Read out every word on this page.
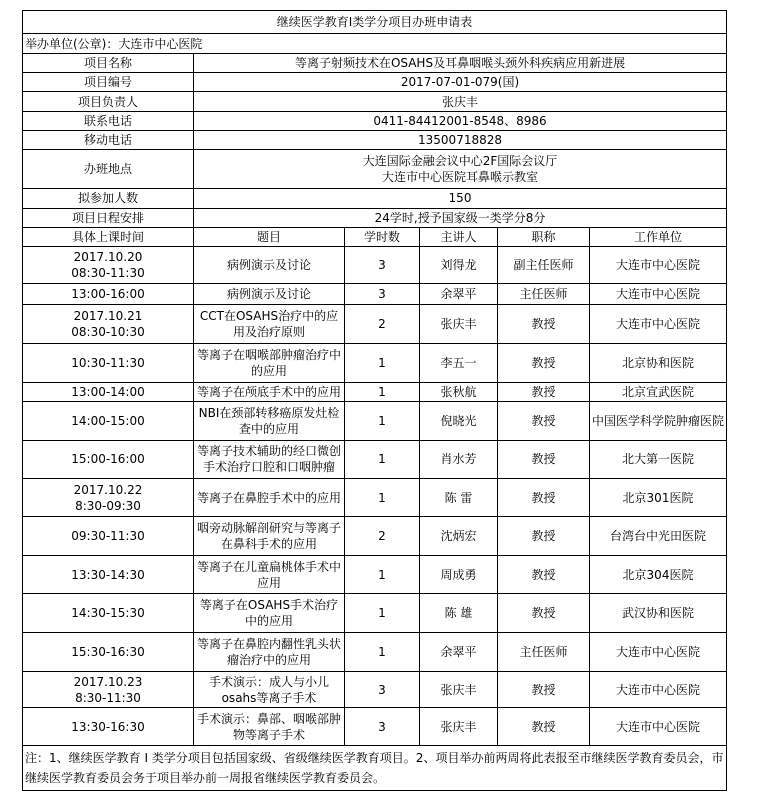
继续医学教育I类学分项目办班申请表					
举办单位(公章)：大连市中心医院					
项目名称	等离子射频技术在OSAHS及耳鼻咽喉头颈外科疾病应用新进展				
项目编号	2017-07-01-079(国)				
项目负责人	张庆丰				
联系电话	0411-84412001-8548、8986				
移动电话	13500718828				
办班地点	大连国际金融会议中心2F国际会议厅
大连市中心医院耳鼻喉示教室				

拟参加人数	150				
项目日程安排	24学时,授予国家级一类学分8分				
具体上课时间	题目	学时数	主讲人	职称	工作单位

2017.10.20
08:30-11:30	病例演示及讨论	3	刘得龙	副主任医师	大连市中心医院
13:00-16:00	病例演示及讨论	3	余翠平	主任医师	大连市中心医院

2017.10.21
08:30-10:30	CCT在OSAHS治疗中的应
用及治疗原则	2	张庆丰	教授	大连市中心医院
10:30-11:30	等离子在咽喉部肿瘤治疗中
的应用	1	李五一	教授	北京协和医院
13:00-14:00	等离子在颅底手术中的应用	1	张秋航	教授	北京宣武医院
14:00-15:00	NBI在颈部转移癌原发灶检
查中的应用	1	倪晓光	教授	中国医学科学院肿瘤医院
15:00-16:00	等离子技术辅助的经口微创
手术治疗口腔和口咽肿瘤	1	肖水芳	教授	北大第一医院

2017.10.22
8:30-09:30	等离子在鼻腔手术中的应用	1	陈 雷	教授	北京301医院
09:30-11:30	咽旁动脉解剖研究与等离子
在鼻科手术的应用	2	沈炳宏	教授	台湾台中光田医院
13:30-14:30	等离子在儿童扁桃体手术中
应用	1	周成勇	教授	北京304医院
14:30-15:30	等离子在OSAHS手术治疗
中的应用	1	陈 雄	教授	武汉协和医院
15:30-16:30	等离子在鼻腔内翻性乳头状
瘤治疗中的应用	1	余翠平	主任医师	大连市中心医院

2017.10.23
8:30-11:30	手术演示：成人与小儿
osahs等离子手术	3	张庆丰	教授	大连市中心医院
13:30-16:30	手术演示：鼻部、咽喉部肿
物等离子手术	3	张庆丰	教授	大连市中心医院
注：1、继续医学教育 I 类学分项目包括国家级、省级继续医学教育项目。2、项目举办前两周将此表报至市继续医学教育委员会，市继续医学教育委员会务于项目举办前一周报省继续医学教育委员会。					
